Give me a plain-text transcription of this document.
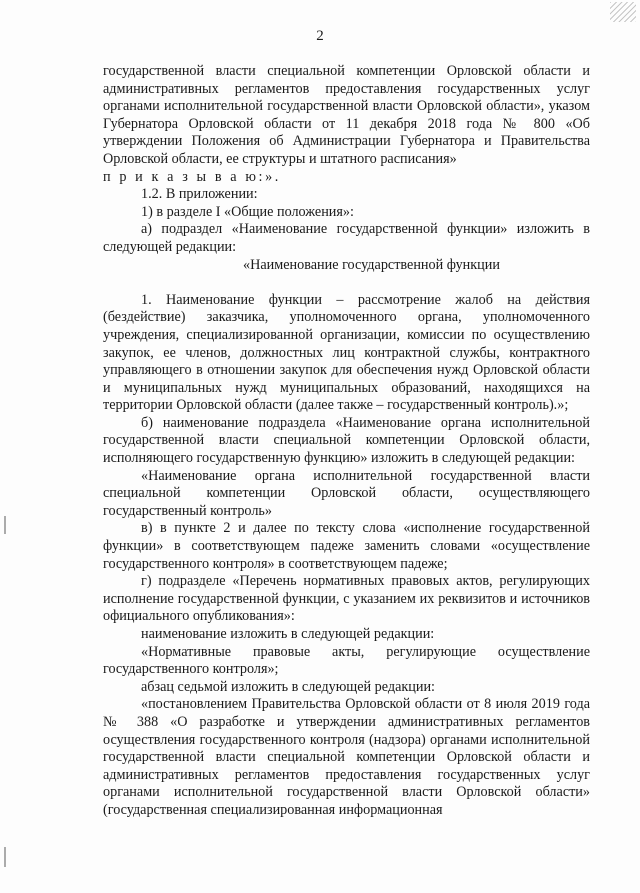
2

государственной власти специальной компетенции Орловской области и административных регламентов предоставления государственных услуг органами исполнительной государственной власти Орловской области», указом Губернатора Орловской области от 11 декабря 2018 года № 800 «Об утверждении Положения об Администрации Губернатора и Правительства Орловской области, ее структуры и штатного расписания»

п р и к а з ы в а ю:».

1.2. В приложении:

1) в разделе I «Общие положения»:

а) подраздел «Наименование государственной функции» изложить в следующей редакции:

«Наименование государственной функции

1. Наименование функции – рассмотрение жалоб на действия (бездействие) заказчика, уполномоченного органа, уполномоченного учреждения, специализированной организации, комиссии по осуществлению закупок, ее членов, должностных лиц контрактной службы, контрактного управляющего в отношении закупок для обеспечения нужд Орловской области и муниципальных нужд муниципальных образований, находящихся на территории Орловской области (далее также – государственный контроль).»;

б) наименование подраздела «Наименование органа исполнительной государственной власти специальной компетенции Орловской области, исполняющего государственную функцию» изложить в следующей редакции:

«Наименование органа исполнительной государственной власти специальной компетенции Орловской области, осуществляющего государственный контроль»

в) в пункте 2 и далее по тексту слова «исполнение государственной функции» в соответствующем падеже заменить словами «осуществление государственного контроля» в соответствующем падеже;

г) подразделе «Перечень нормативных правовых актов, регулирующих исполнение государственной функции, с указанием их реквизитов и источников официального опубликования»:

наименование изложить в следующей редакции:

«Нормативные правовые акты, регулирующие осуществление государственного контроля»;

абзац седьмой изложить в следующей редакции:

«постановлением Правительства Орловской области от 8 июля 2019 года № 388 «О разработке и утверждении административных регламентов осуществления государственного контроля (надзора) органами исполнительной государственной власти специальной компетенции Орловской области и административных регламентов предоставления государственных услуг органами исполнительной государственной власти Орловской области» (государственная специализированная информационная
